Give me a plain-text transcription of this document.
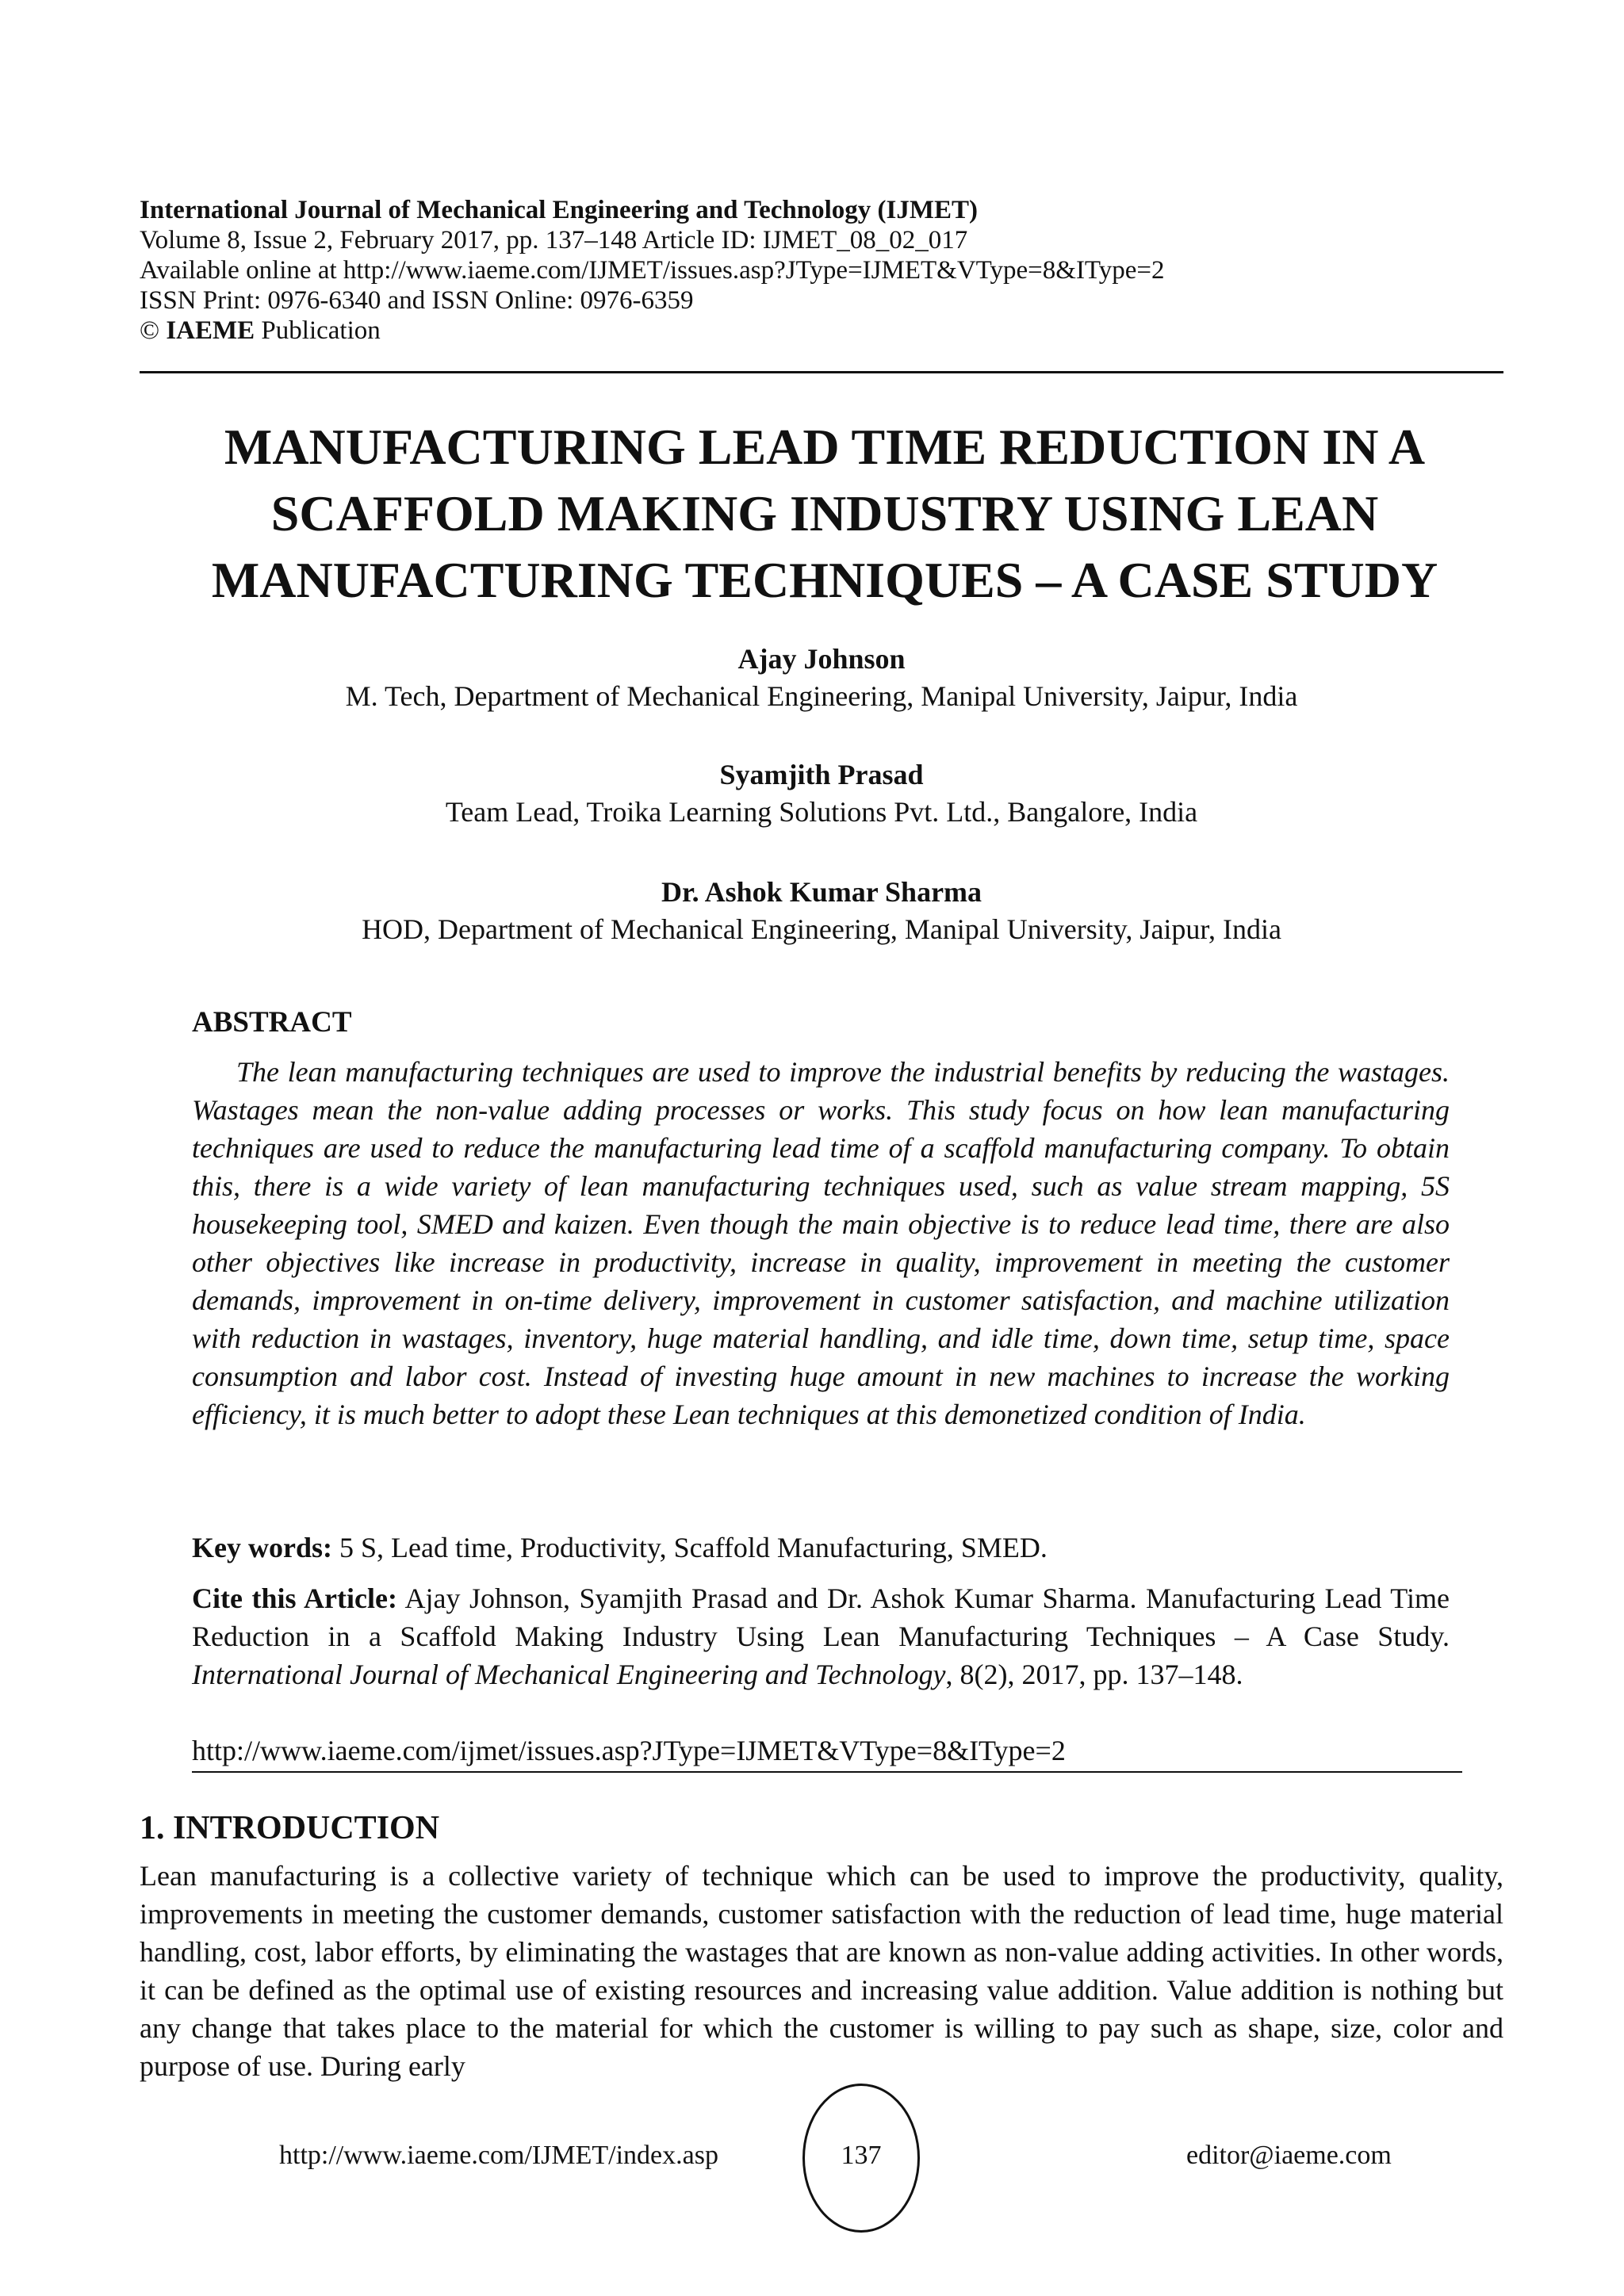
International Journal of Mechanical Engineering and Technology (IJMET)
Volume 8, Issue 2, February 2017, pp. 137–148 Article ID: IJMET_08_02_017
Available online at http://www.iaeme.com/IJMET/issues.asp?JType=IJMET&VType=8&IType=2
ISSN Print: 0976-6340 and ISSN Online: 0976-6359
© IAEME Publication
MANUFACTURING LEAD TIME REDUCTION IN A
SCAFFOLD MAKING INDUSTRY USING LEAN
MANUFACTURING TECHNIQUES – A CASE STUDY
Ajay Johnson
M. Tech, Department of Mechanical Engineering, Manipal University, Jaipur, India
Syamjith Prasad
Team Lead, Troika Learning Solutions Pvt. Ltd., Bangalore, India
Dr. Ashok Kumar Sharma
HOD, Department of Mechanical Engineering, Manipal University, Jaipur, India
ABSTRACT
The lean manufacturing techniques are used to improve the industrial benefits by reducing the wastages. Wastages mean the non-value adding processes or works. This study focus on how lean manufacturing techniques are used to reduce the manufacturing lead time of a scaffold manufacturing company. To obtain this, there is a wide variety of lean manufacturing techniques used, such as value stream mapping, 5S housekeeping tool, SMED and kaizen. Even though the main objective is to reduce lead time, there are also other objectives like increase in productivity, increase in quality, improvement in meeting the customer demands, improvement in on-time delivery, improvement in customer satisfaction, and machine utilization with reduction in wastages, inventory, huge material handling, and idle time, down time, setup time, space consumption and labor cost. Instead of investing huge amount in new machines to increase the working efficiency, it is much better to adopt these Lean techniques at this demonetized condition of India.
Key words: 5 S, Lead time, Productivity, Scaffold Manufacturing, SMED.
Cite this Article: Ajay Johnson, Syamjith Prasad and Dr. Ashok Kumar Sharma. Manufacturing Lead Time Reduction in a Scaffold Making Industry Using Lean Manufacturing Techniques – A Case Study. International Journal of Mechanical Engineering and Technology, 8(2), 2017, pp. 137–148.
http://www.iaeme.com/ijmet/issues.asp?JType=IJMET&VType=8&IType=2
1. INTRODUCTION
Lean manufacturing is a collective variety of technique which can be used to improve the productivity, quality, improvements in meeting the customer demands, customer satisfaction with the reduction of lead time, huge material handling, cost, labor efforts, by eliminating the wastages that are known as non-value adding activities. In other words, it can be defined as the optimal use of existing resources and increasing value addition. Value addition is nothing but any change that takes place to the material for which the customer is willing to pay such as shape, size, color and purpose of use. During early
http://www.iaeme.com/IJMET/index.asp	137	editor@iaeme.com
